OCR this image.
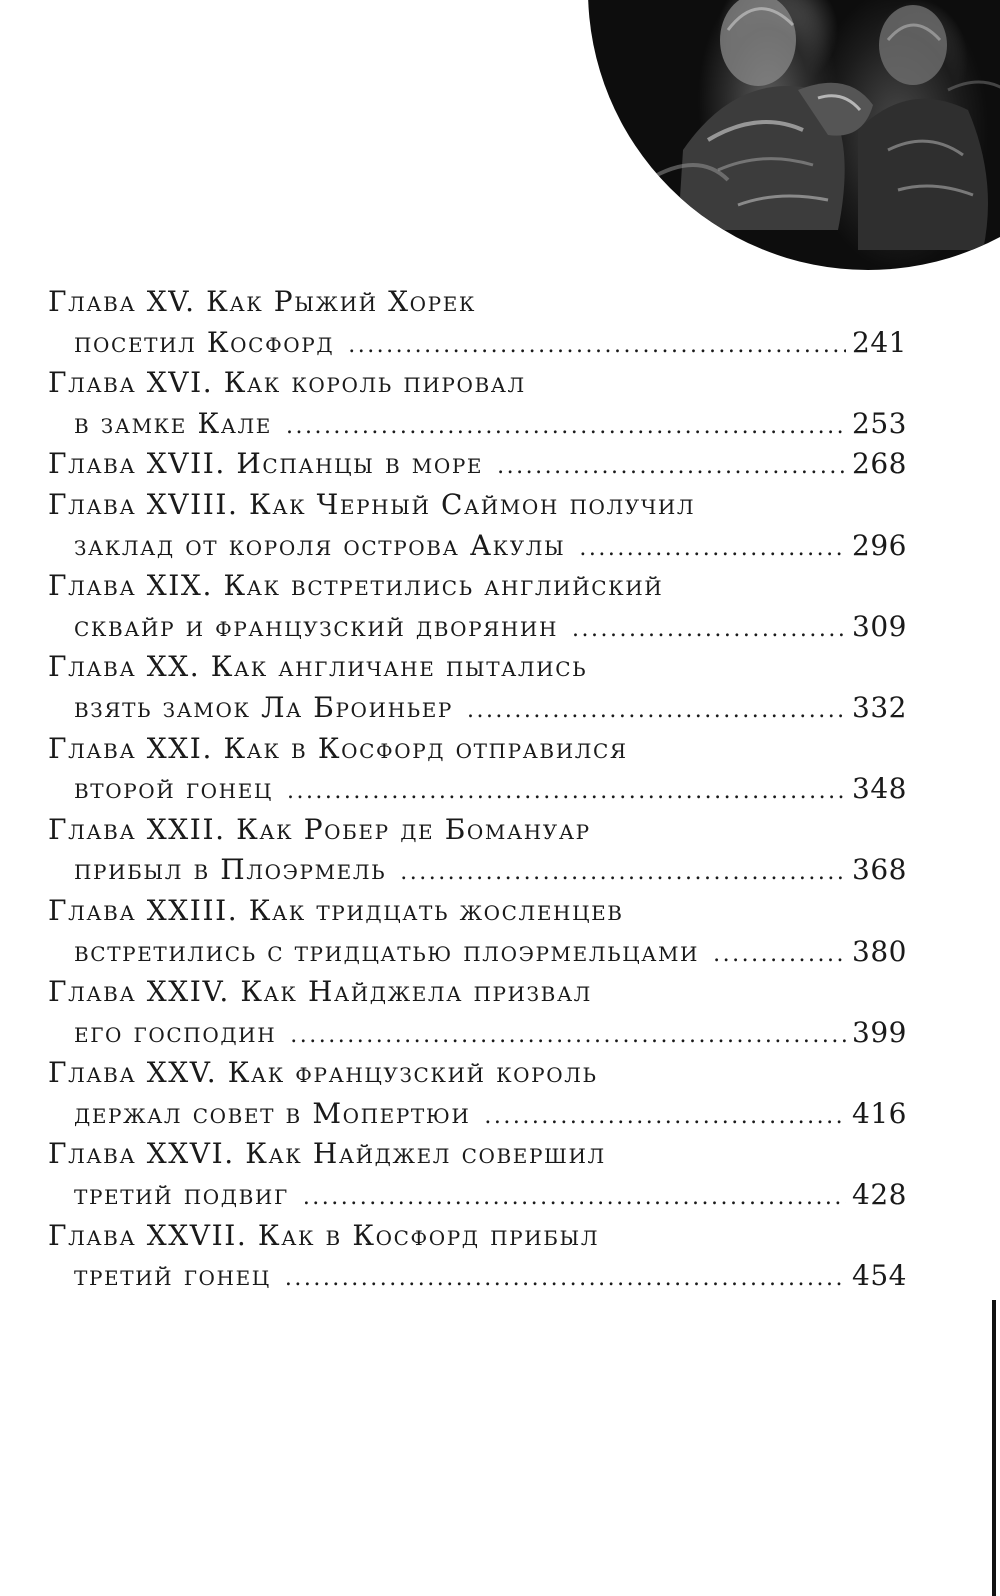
Глава XV. Как Рыжий Хорек
посетил Косфорд .....	241
Глава XVI. Как король пировал
в замке Кале .....	253
Глава XVII. Испанцы в море .....	268
Глава XVIII. Как Черный Саймон получил
заклад от короля острова Акулы .....	296
Глава XIX. Как встретились английский
сквайр и французский дворянин .....	309
Глава XX. Как англичане пытались
взять замок Ла Броиньер .....	332
Глава XXI. Как в Косфорд отправился
второй гонец .....	348
Глава XXII. Как Робер де Бомануар
прибыл в Плоэрмель .....	368
Глава XXIII. Как тридцать жосленцев
встретились с тридцатью плоэрмельцами .....	380
Глава XXIV. Как Найджела призвал
его господин .....	399
Глава XXV. Как французский король
держал совет в Мопертюи .....	416
Глава XXVI. Как Найджел совершил
третий подвиг .....	428
Глава XXVII. Как в Косфорд прибыл
третий гонец .....	454
